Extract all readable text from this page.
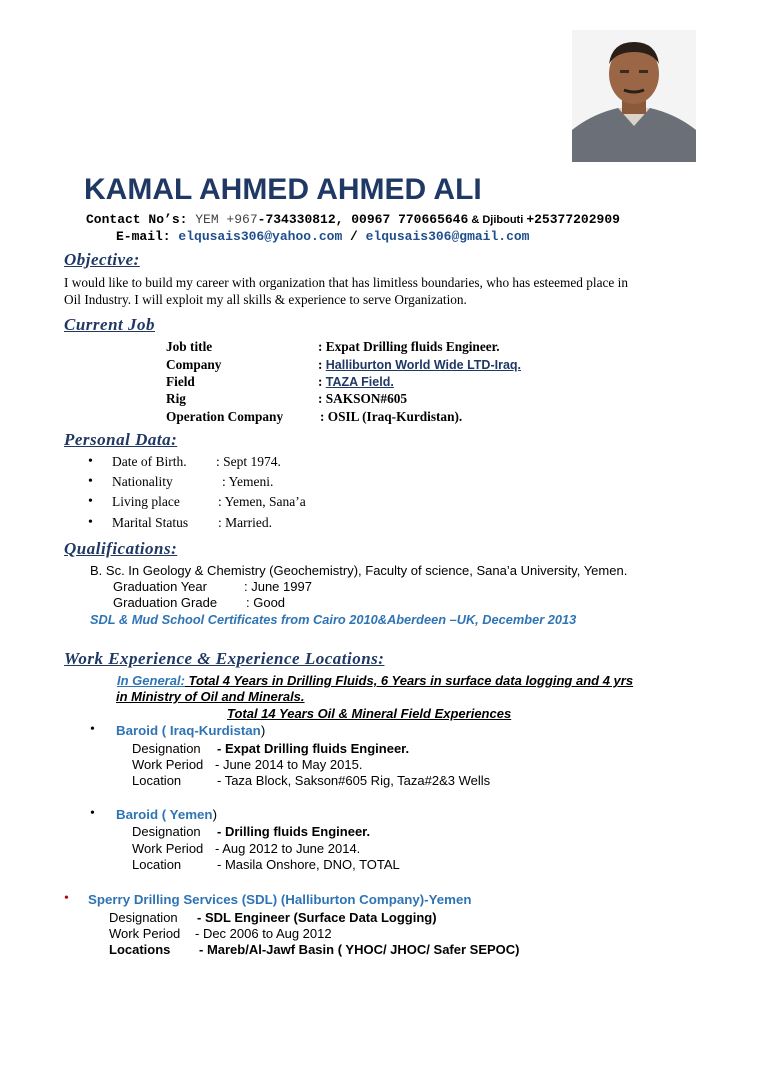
KAMAL AHMED AHMED ALI
Contact No’s: YEM +967-734330812, 00967 770665646 & Djibouti +25377202909
E-mail: elqusais306@yahoo.com / elqusais306@gmail.com
Objective:
I would like to build my career with organization that has limitless boundaries, who has esteemed place in
Oil Industry. I will exploit my all skills & experience to serve Organization.
Current Job
Job title	: Expat Drilling fluids Engineer.
Company	: Halliburton World Wide LTD-Iraq.
Field	: TAZA Field.
Rig	: SAKSON#605
Operation Company	: OSIL (Iraq-Kurdistan).
Personal Data:
• Date of Birth. : Sept 1974.
• Nationality	: Yemeni.
• Living place	: Yemen, Sana’a
• Marital Status : Married.
Qualifications:
B. Sc. In Geology & Chemistry (Geochemistry), Faculty of science, Sana’a University, Yemen.
Graduation Year	: June 1997
Graduation Grade : Good
SDL & Mud School Certificates from Cairo 2010&Aberdeen –UK, December 2013
Work Experience & Experience Locations:
In General: Total 4 Years in Drilling Fluids, 6 Years in surface data logging and 4 yrs
in Ministry of Oil and Minerals.
Total 14 Years Oil & Mineral Field Experiences
• Baroid ( Iraq-Kurdistan)
Designation - Expat Drilling fluids Engineer.
Work Period - June 2014 to May 2015.
Location	- Taza Block, Sakson#605 Rig, Taza#2&3 Wells
• Baroid ( Yemen)
Designation - Drilling fluids Engineer.
Work Period - Aug 2012 to June 2014.
Location	- Masila Onshore, DNO, TOTAL
• Sperry Drilling Services (SDL) (Halliburton Company)-Yemen
Designation - SDL Engineer (Surface Data Logging)
Work Period - Dec 2006 to Aug 2012
Locations - Mareb/Al-Jawf Basin ( YHOC/ JHOC/ Safer SEPOC)
